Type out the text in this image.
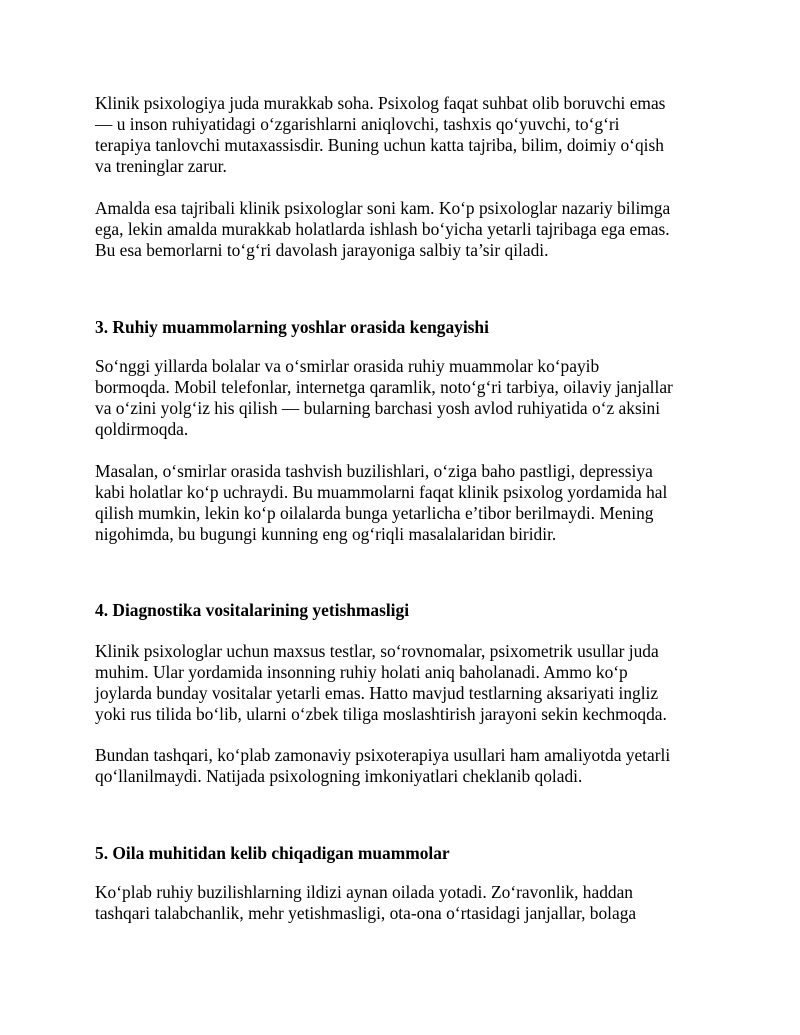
Klinik psixologiya juda murakkab soha. Psixolog faqat suhbat olib boruvchi emas
— u inson ruhiyatidagi o‘zgarishlarni aniqlovchi, tashxis qo‘yuvchi, to‘g‘ri
terapiya tanlovchi mutaxassisdir. Buning uchun katta tajriba, bilim, doimiy o‘qish
va treninglar zarur.
Amalda esa tajribali klinik psixologlar soni kam. Ko‘p psixologlar nazariy bilimga
ega, lekin amalda murakkab holatlarda ishlash bo‘yicha yetarli tajribaga ega emas.
Bu esa bemorlarni to‘g‘ri davolash jarayoniga salbiy ta’sir qiladi.
3. Ruhiy muammolarning yoshlar orasida kengayishi
So‘nggi yillarda bolalar va o‘smirlar orasida ruhiy muammolar ko‘payib
bormoqda. Mobil telefonlar, internetga qaramlik, noto‘g‘ri tarbiya, oilaviy janjallar
va o‘zini yolg‘iz his qilish — bularning barchasi yosh avlod ruhiyatida o‘z aksini
qoldirmoqda.
Masalan, o‘smirlar orasida tashvish buzilishlari, o‘ziga baho pastligi, depressiya
kabi holatlar ko‘p uchraydi. Bu muammolarni faqat klinik psixolog yordamida hal
qilish mumkin, lekin ko‘p oilalarda bunga yetarlicha e’tibor berilmaydi. Mening
nigohimda, bu bugungi kunning eng og‘riqli masalalaridan biridir.
4. Diagnostika vositalarining yetishmasligi
Klinik psixologlar uchun maxsus testlar, so‘rovnomalar, psixometrik usullar juda
muhim. Ular yordamida insonning ruhiy holati aniq baholanadi. Ammo ko‘p
joylarda bunday vositalar yetarli emas. Hatto mavjud testlarning aksariyati ingliz
yoki rus tilida bo‘lib, ularni o‘zbek tiliga moslashtirish jarayoni sekin kechmoqda.
Bundan tashqari, ko‘plab zamonaviy psixoterapiya usullari ham amaliyotda yetarli
qo‘llanilmaydi. Natijada psixologning imkoniyatlari cheklanib qoladi.
5. Oila muhitidan kelib chiqadigan muammolar
Ko‘plab ruhiy buzilishlarning ildizi aynan oilada yotadi. Zo‘ravonlik, haddan
tashqari talabchanlik, mehr yetishmasligi, ota-ona o‘rtasidagi janjallar, bolaga
